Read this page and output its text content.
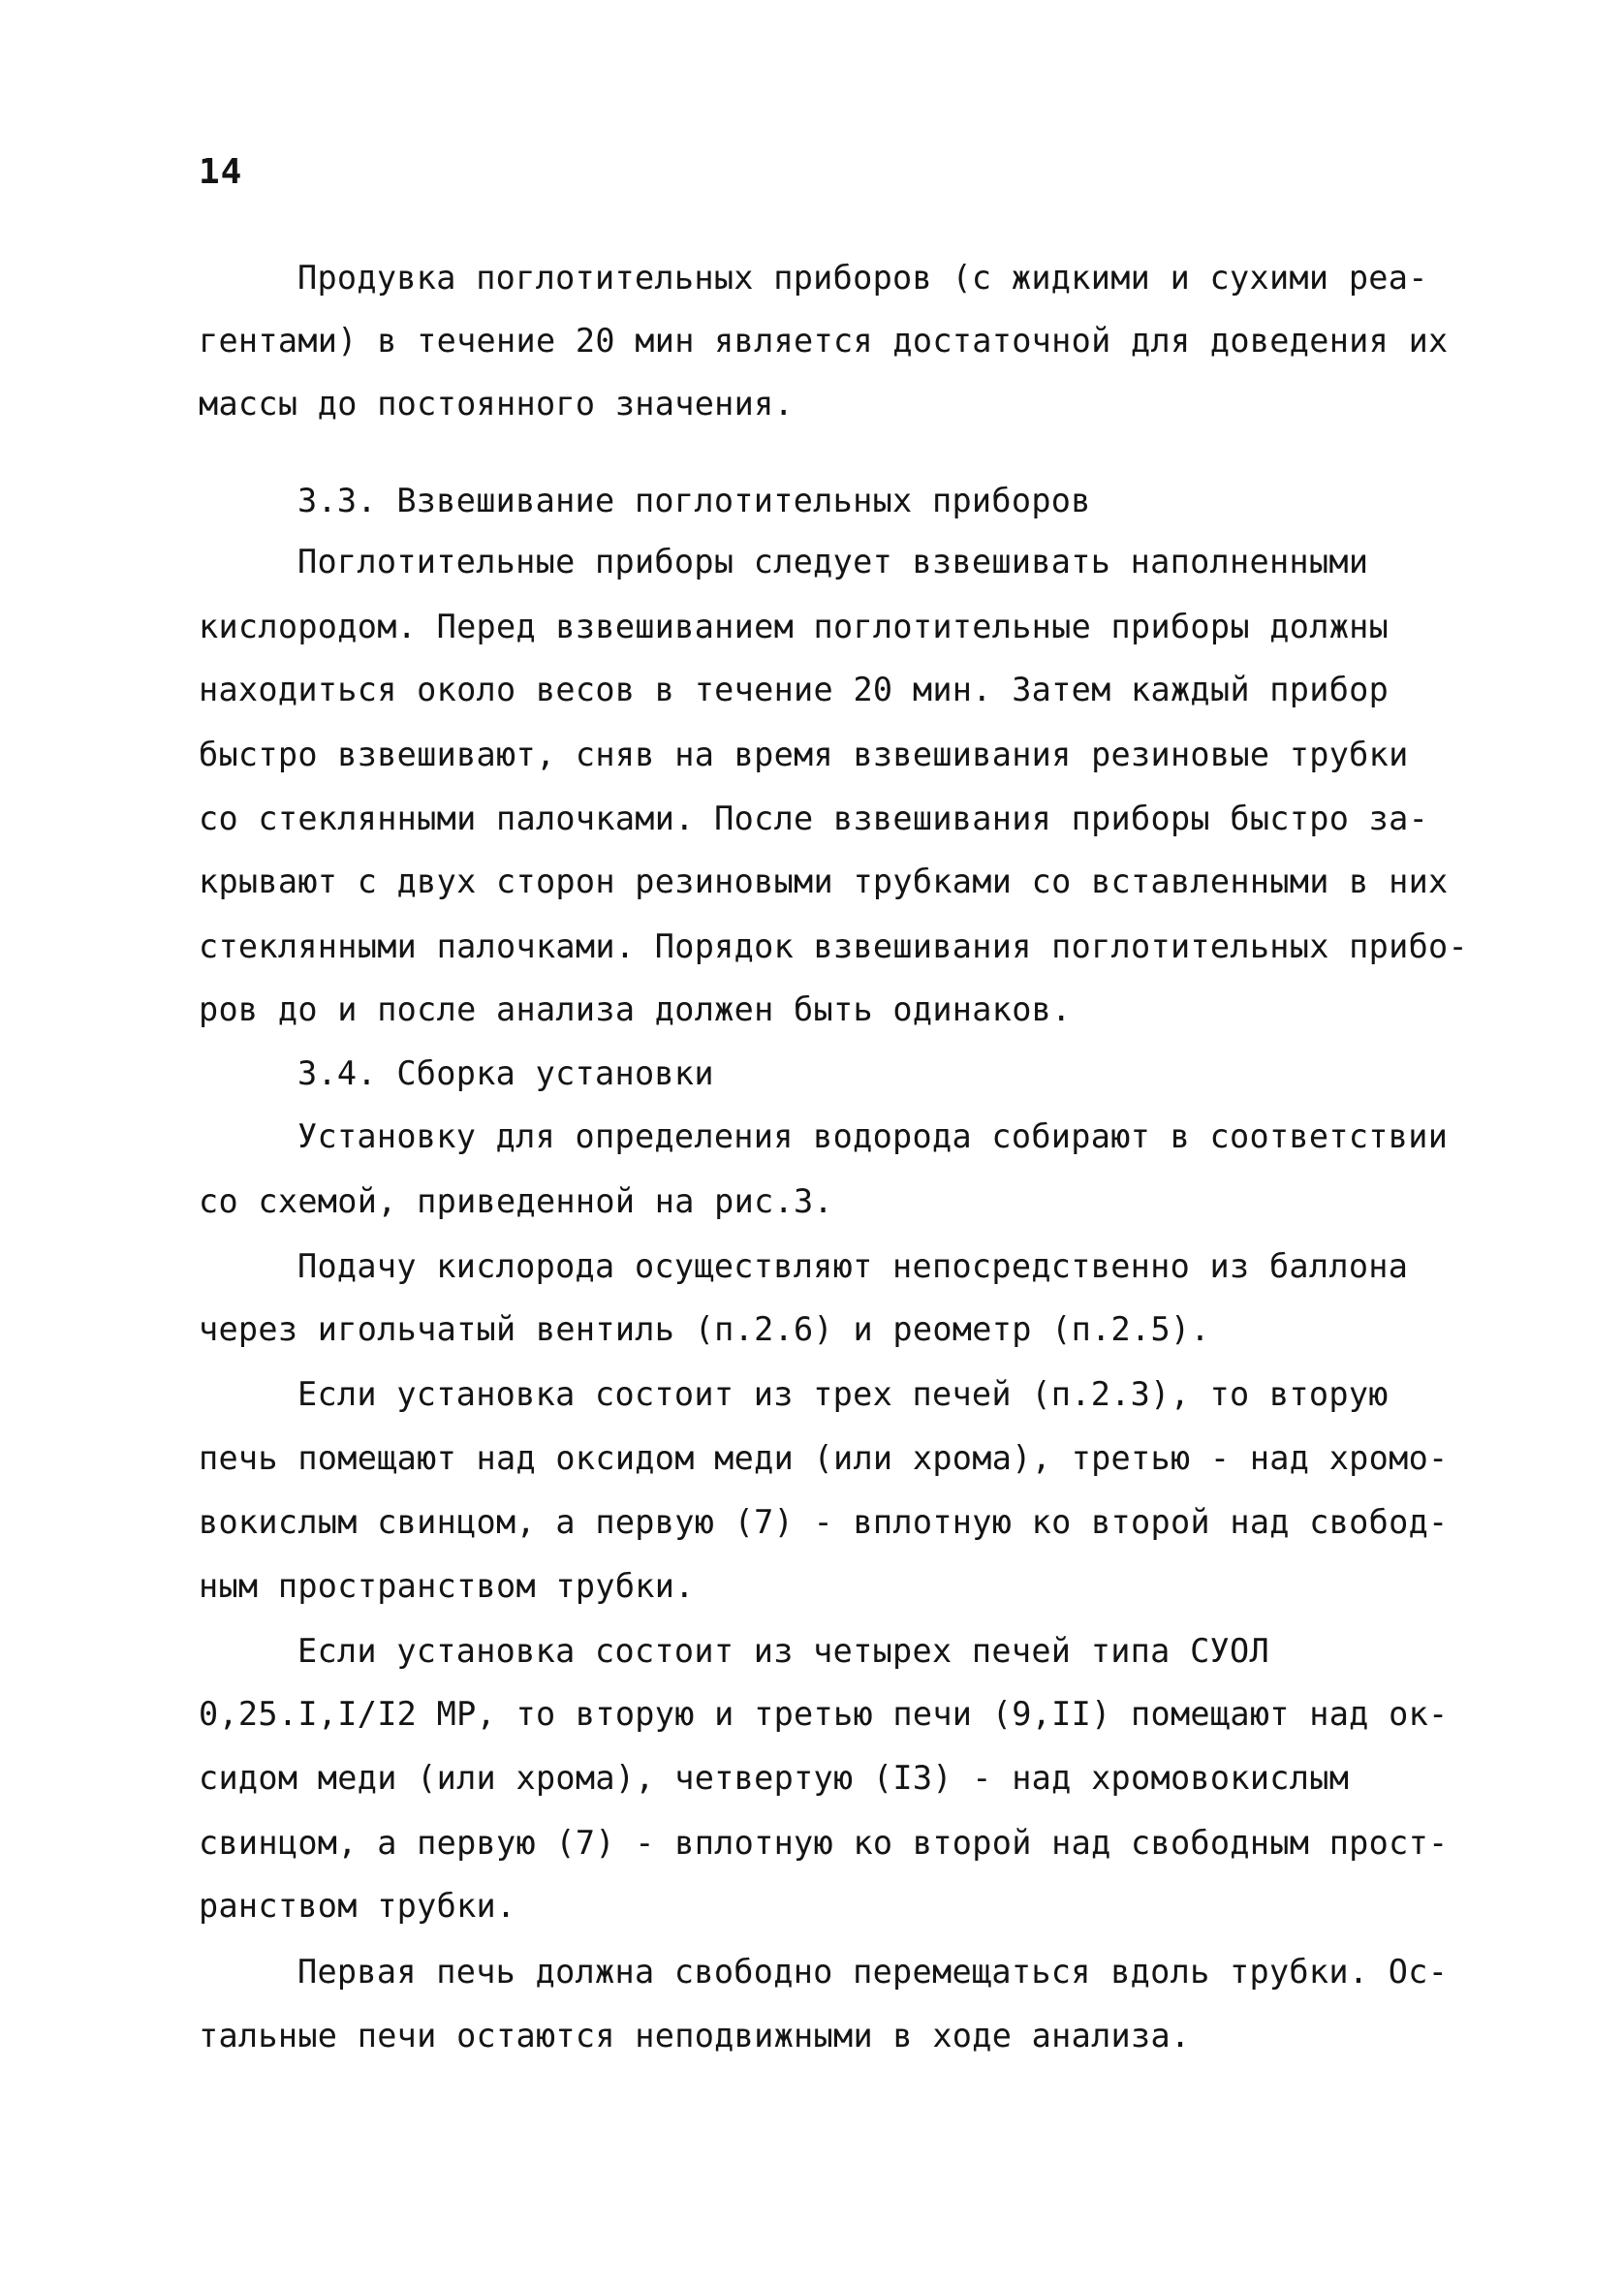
14
Продувка поглотительных приборов (с жидкими и сухими реа-
гентами) в течение 20 мин является достаточной для доведения их
массы до постоянного значения.
3.3. Взвешивание поглотительных приборов
Поглотительные приборы следует взвешивать наполненными
кислородом. Перед взвешиванием поглотительные приборы должны
находиться около весов в течение 20 мин. Затем каждый прибор
быстро взвешивают, сняв на время взвешивания резиновые трубки
со стеклянными палочками. После взвешивания приборы быстро за-
крывают с двух сторон резиновыми трубками со вставленными в них
стеклянными палочками. Порядок взвешивания поглотительных прибо-
ров до и после анализа должен быть одинаков.
3.4. Сборка установки
Установку для определения водорода собирают в соответствии
со схемой, приведенной на рис.3.
Подачу кислорода осуществляют непосредственно из баллона
через игольчатый вентиль (п.2.6) и реометр (п.2.5).
Если установка состоит из трех печей (п.2.3), то вторую
печь помещают над оксидом меди (или хрома), третью - над хромо-
вокислым свинцом, а первую (7) - вплотную ко второй над свобод-
ным пространством трубки.
Если установка состоит из четырех печей типа СУОЛ
0,25.I,I/I2 МР, то вторую и третью печи (9,II) помещают над ок-
сидом меди (или хрома), четвертую (I3) - над хромовокислым
свинцом, а первую (7) - вплотную ко второй над свободным прост-
ранством трубки.
Первая печь должна свободно перемещаться вдоль трубки. Ос-
тальные печи остаются неподвижными в ходе анализа.
